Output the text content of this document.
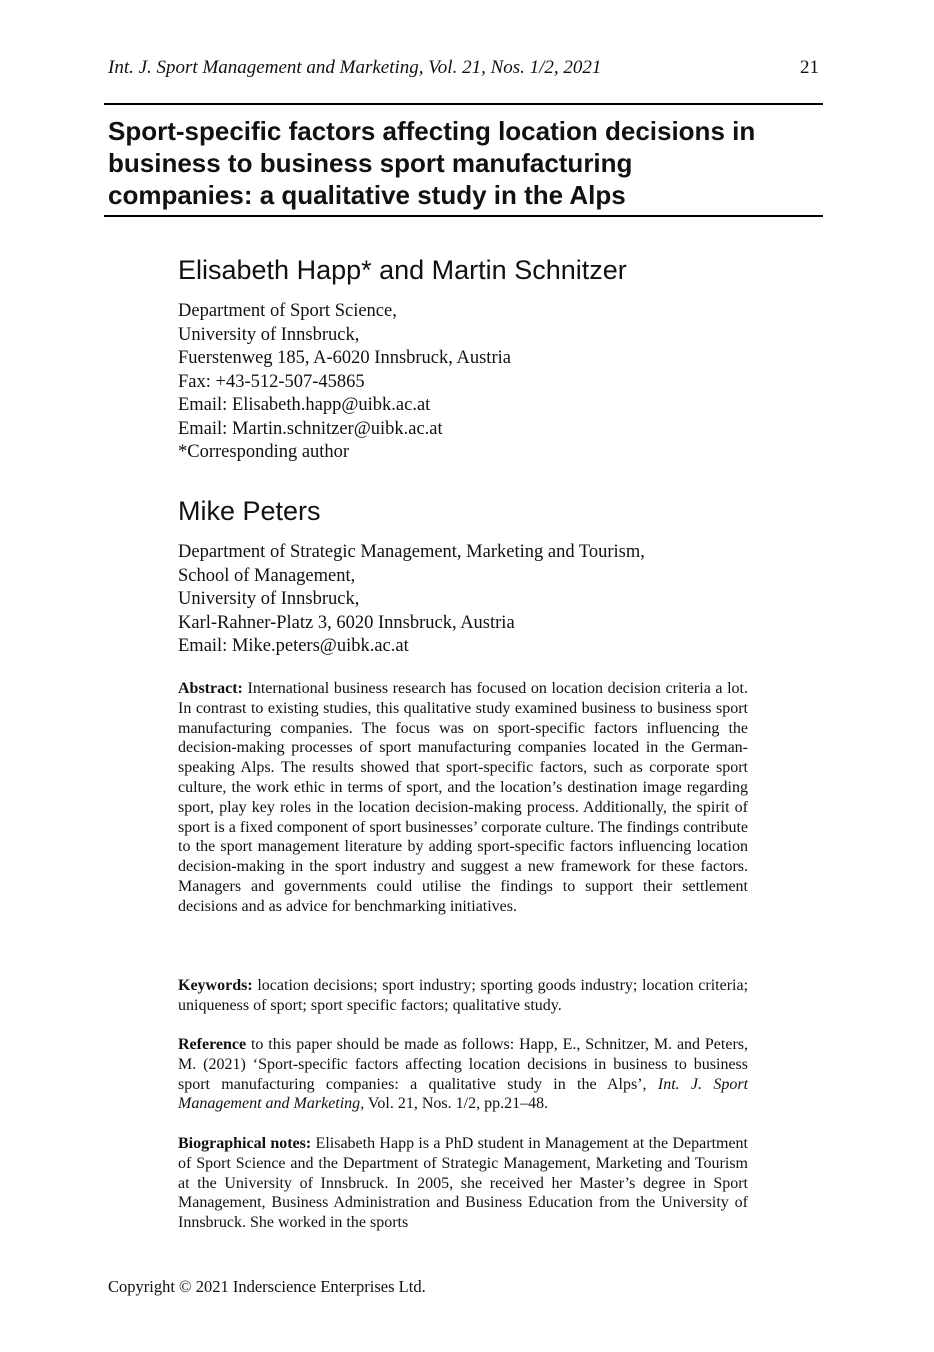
Int. J. Sport Management and Marketing, Vol. 21, Nos. 1/2, 2021	21
Sport-specific factors affecting location decisions in
business to business sport manufacturing
companies: a qualitative study in the Alps
Elisabeth Happ* and Martin Schnitzer
Department of Sport Science,
University of Innsbruck,
Fuerstenweg 185, A-6020 Innsbruck, Austria
Fax: +43-512-507-45865
Email: Elisabeth.happ@uibk.ac.at
Email: Martin.schnitzer@uibk.ac.at
*Corresponding author
Mike Peters
Department of Strategic Management, Marketing and Tourism,
School of Management,
University of Innsbruck,
Karl-Rahner-Platz 3, 6020 Innsbruck, Austria
Email: Mike.peters@uibk.ac.at
Abstract: International business research has focused on location decision criteria a lot. In contrast to existing studies, this qualitative study examined business to business sport manufacturing companies. The focus was on sport-specific factors influencing the decision-making processes of sport manufacturing companies located in the German-speaking Alps. The results showed that sport-specific factors, such as corporate sport culture, the work ethic in terms of sport, and the location’s destination image regarding sport, play key roles in the location decision-making process. Additionally, the spirit of sport is a fixed component of sport businesses’ corporate culture. The findings contribute to the sport management literature by adding sport-specific factors influencing location decision-making in the sport industry and suggest a new framework for these factors. Managers and governments could utilise the findings to support their settlement decisions and as advice for benchmarking initiatives.
Keywords: location decisions; sport industry; sporting goods industry; location criteria; uniqueness of sport; sport specific factors; qualitative study.
Reference to this paper should be made as follows: Happ, E., Schnitzer, M. and Peters, M. (2021) ‘Sport-specific factors affecting location decisions in business to business sport manufacturing companies: a qualitative study in the Alps’, Int. J. Sport Management and Marketing, Vol. 21, Nos. 1/2, pp.21–48.
Biographical notes: Elisabeth Happ is a PhD student in Management at the Department of Sport Science and the Department of Strategic Management, Marketing and Tourism at the University of Innsbruck. In 2005, she received her Master’s degree in Sport Management, Business Administration and Business Education from the University of Innsbruck. She worked in the sports
Copyright © 2021 Inderscience Enterprises Ltd.
